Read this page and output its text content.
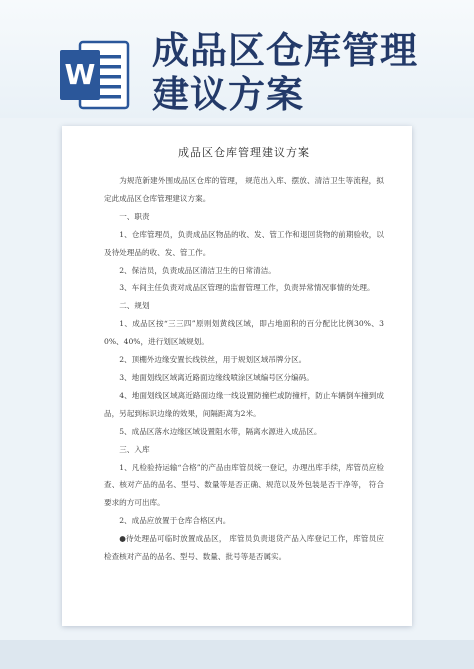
W
成品区仓库管理建议方案
成品区仓库管理建议方案

为规范新建外围成品区仓库的管理， 规范出入库、摆放、清洁卫生等流程，拟定此成品区仓库管理建议方案。

一、职责

1、仓库管理员，负责成品区物品的收、发、管工作和退回货物的前期验收，以及待处理品的收、发、管工作。

2、保洁员，负责成品区清洁卫生的日常清洁。

3、车间主任负责对成品区管理的监督管理工作，负责异常情况事情的处理。

二、规划

1、成品区按“三三四”原则划黄线区域，即占地面积的百分配比比例30%、30%、40%，进行划区域规划。

2、顶棚外边缘安置长线铁丝，用于规划区域吊牌分区。

3、地面划线区域离近路面边缘线喷涂区域编号区分编码。

4、地面划线区域离近路面边缘一线设置防撞栏或防撞杆，防止车辆倒车撞到成品，另起到标识边缘的效果，间隔距离为2米。

5、成品区落水边缘区域设置阻水带，隔离水源进入成品区。

三、入库

1、凡检验持运输“合格”的产品由库管员统一登记，办理出库手续，库管员应检查、核对产品的品名、型号、数量等是否正确、规范以及外包装是否干净等， 符合要求的方可出库。

2、成品应放置于仓库合格区内。

●待处理品可临时放置成品区， 库管员负责退货产品入库登记工作，库管员应检查核对产品的品名、型号、数量、批号等是否属实。
